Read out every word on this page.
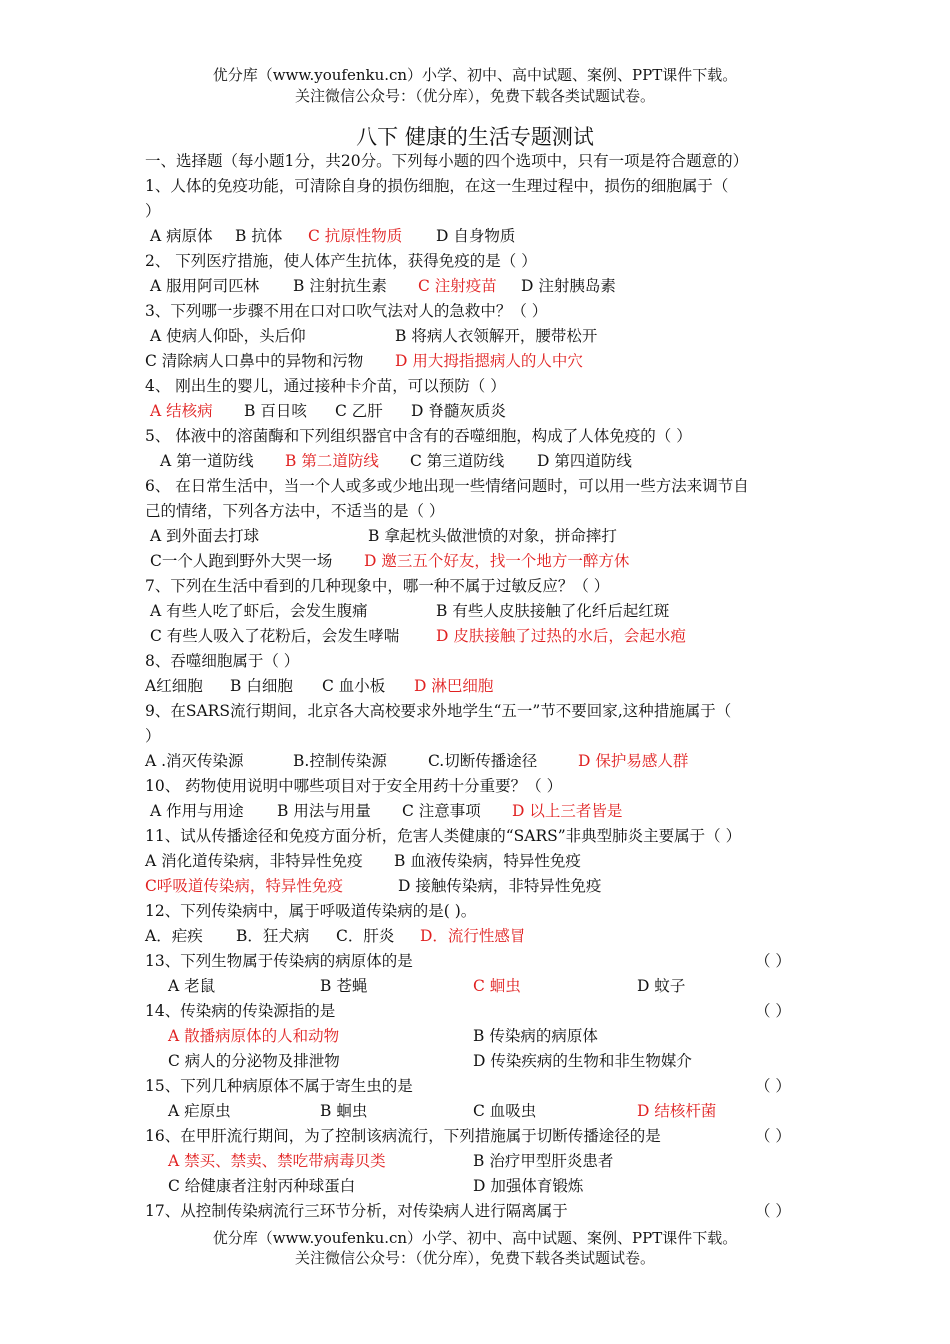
优分库（www.youfenku.cn）小学、初中、高中试题、案例、PPT课件下载。
关注微信公众号：（优分库），免费下载各类试题试卷。
八下 健康的生活专题测试
一、选择题（每小题1分，共20分。下列每小题的四个选项中，只有一项是符合题意的）
1、人体的免疫功能，可清除自身的损伤细胞，在这一生理过程中，损伤的细胞属于（
）
A 病原体 B 抗体 C 抗原性物质 D 自身物质
2、 下列医疗措施，使人体产生抗体，获得免疫的是（ ）
A 服用阿司匹林 B 注射抗生素 C 注射疫苗 D 注射胰岛素
3、下列哪一步骤不用在口对口吹气法对人的急救中？（ ）
A 使病人仰卧，头后仰	B 将病人衣领解开，腰带松开
C 清除病人口鼻中的异物和污物 D 用大拇指摁病人的人中穴
4、 刚出生的婴儿，通过接种卡介苗，可以预防（ ）
A 结核病 B 百日咳 C 乙肝 D 脊髓灰质炎
5、 体液中的溶菌酶和下列组织器官中含有的吞噬细胞，构成了人体免疫的（ ）
A 第一道防线 B 第二道防线 C 第三道防线 D 第四道防线
6、 在日常生活中，当一个人或多或少地出现一些情绪问题时，可以用一些方法来调节自
己的情绪，下列各方法中，不适当的是（ ）
A 到外面去打球	B 拿起枕头做泄愤的对象，拼命摔打
C一个人跑到野外大哭一场 D 邀三五个好友，找一个地方一醉方休
7、下列在生活中看到的几种现象中，哪一种不属于过敏反应？（ ）
A 有些人吃了虾后，会发生腹痛	B 有些人皮肤接触了化纤后起红斑
C 有些人吸入了花粉后，会发生哮喘 D 皮肤接触了过热的水后，会起水疱
8、吞噬细胞属于（ ）
A红细胞 B 白细胞 C 血小板 D 淋巴细胞
9、在SARS流行期间，北京各大高校要求外地学生“五一”节不要回家,这种措施属于（
）
A .消灭传染源	B.控制传染源	C.切断传播途径	D 保护易感人群
10、 药物使用说明中哪些项目对于安全用药十分重要？（ ）
A 作用与用途 B 用法与用量 C 注意事项 D 以上三者皆是
11、试从传播途径和免疫方面分析，危害人类健康的“SARS”非典型肺炎主要属于（ ）
A 消化道传染病，非特异性免疫 B 血液传染病，特异性免疫
C呼吸道传染病，特异性免疫	D 接触传染病，非特异性免疫
12、下列传染病中，属于呼吸道传染病的是( )。
A．疟疾 B．狂犬病 C．肝炎 D．流行性感冒
13、下列生物属于传染病的病原体的是	（ ）
A 老鼠	B 苍蝇	C 蛔虫	D 蚊子
14、传染病的传染源指的是	（ ）
A 散播病原体的人和动物	B 传染病的病原体
C 病人的分泌物及排泄物	D 传染疾病的生物和非生物媒介
15、下列几种病原体不属于寄生虫的是	（ ）
A 疟原虫	B 蛔虫	C 血吸虫	D 结核杆菌
16、在甲肝流行期间，为了控制该病流行，下列措施属于切断传播途径的是	（ ）
A 禁买、禁卖、禁吃带病毒贝类	B 治疗甲型肝炎患者
C 给健康者注射丙种球蛋白	D 加强体育锻炼
17、从控制传染病流行三环节分析，对传染病人进行隔离属于	（ ）
优分库（www.youfenku.cn）小学、初中、高中试题、案例、PPT课件下载。
关注微信公众号：（优分库），免费下载各类试题试卷。
